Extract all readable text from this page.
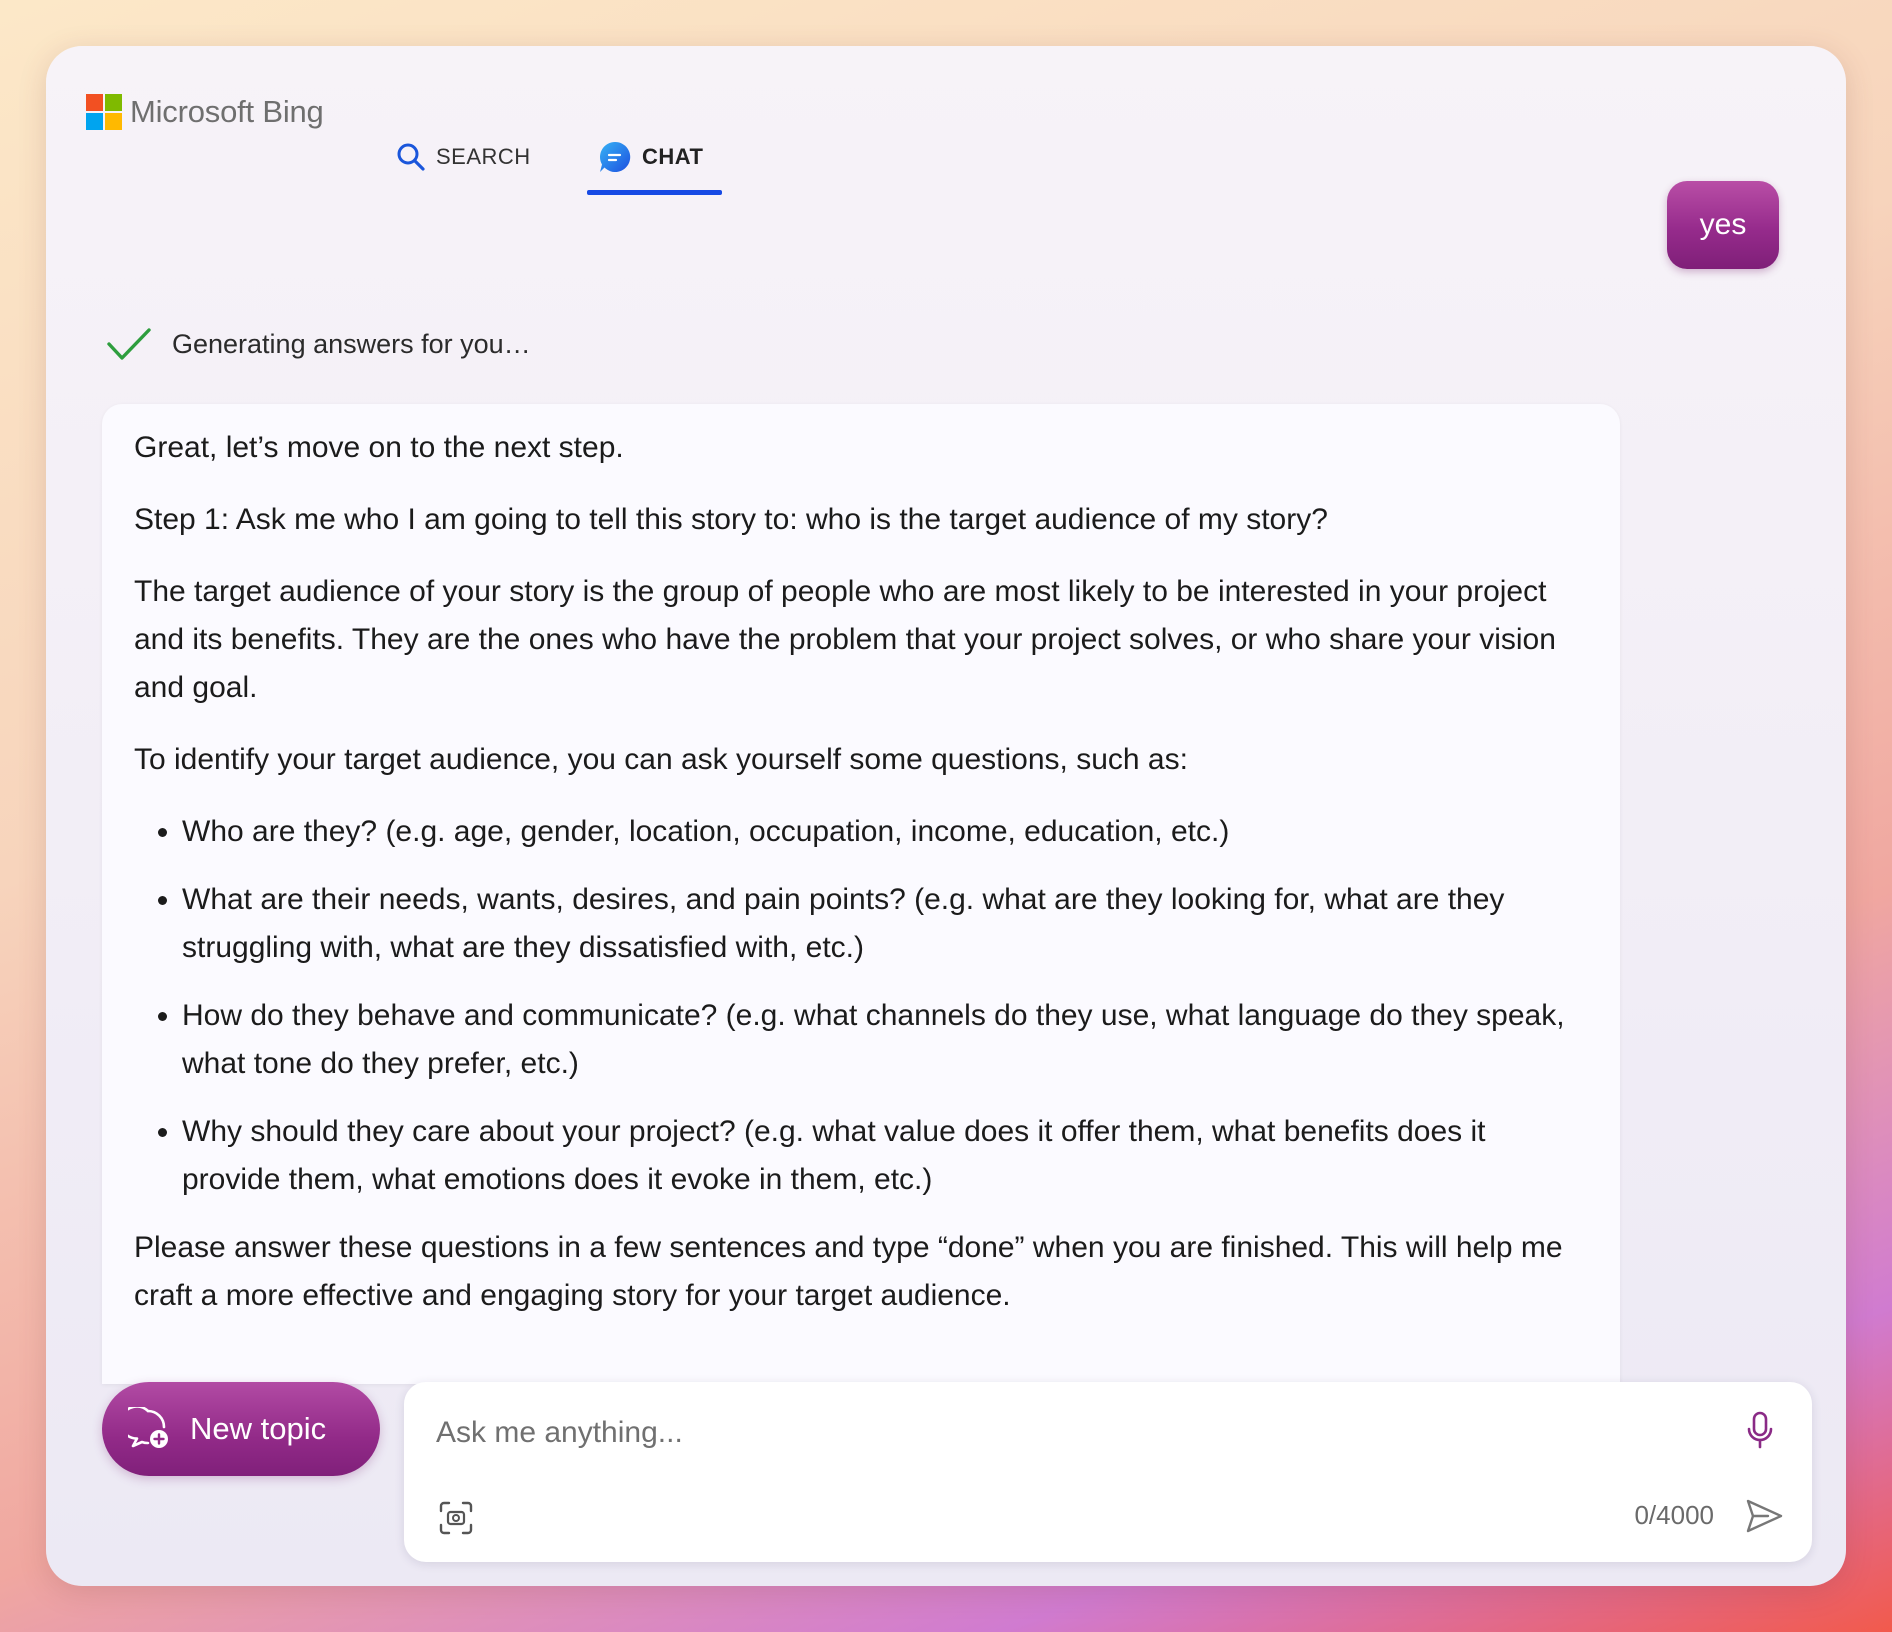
Microsoft Bing
SEARCH	CHAT
yes
Generating answers for you…

Great, let’s move on to the next step.

Step 1: Ask me who I am going to tell this story to: who is the target audience of my story?

The target audience of your story is the group of people who are most likely to be interested in your project and its benefits. They are the ones who have the problem that your project solves, or who share your vision and goal.

To identify your target audience, you can ask yourself some questions, such as:

• Who are they? (e.g. age, gender, location, occupation, income, education, etc.)
• What are their needs, wants, desires, and pain points? (e.g. what are they looking for, what are they struggling with, what are they dissatisfied with, etc.)
• How do they behave and communicate? (e.g. what channels do they use, what language do they speak, what tone do they prefer, etc.)
• Why should they care about your project? (e.g. what value does it offer them, what benefits does it provide them, what emotions does it evoke in them, etc.)

Please answer these questions in a few sentences and type “done” when you are finished. This will help me craft a more effective and engaging story for your target audience.

New topic
Ask me anything...
0/4000
